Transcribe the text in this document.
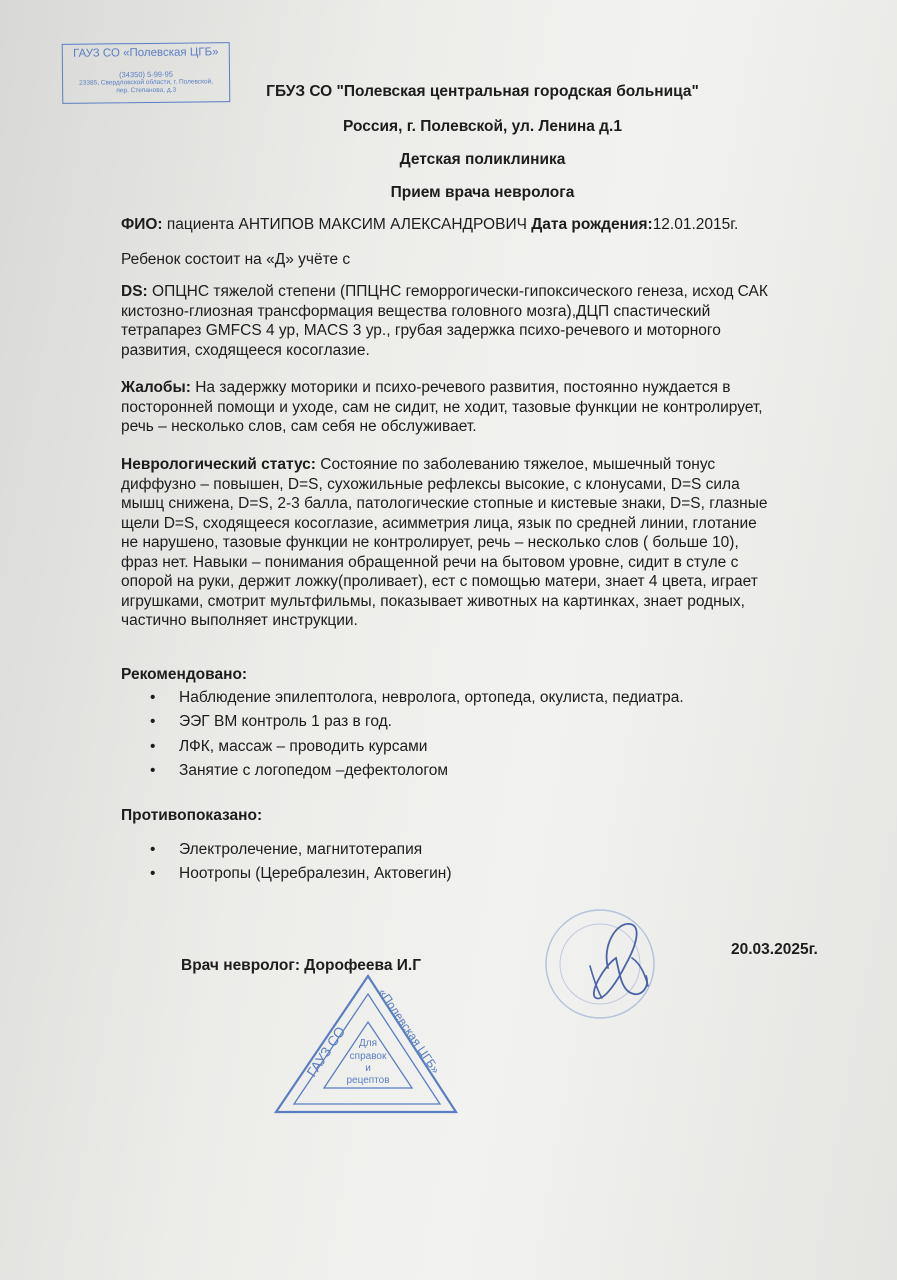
ГАУЗ СО «Полевская ЦГБ»
(34350) 5-99-95
23385, Свердловской области, г. Полевской,
пер. Степанова, д.3	ГБУЗ СО "Полевская центральная городская больница"
Россия, г. Полевской, ул. Ленина д.1
Детская поликлиника
Прием врача невролога
ФИО: пациента АНТИПОВ МАКСИМ АЛЕКСАНДРОВИЧ Дата рождения:12.01.2015г.
Ребенок состоит на «Д» учёте с
DS: ОПЦНС тяжелой степени (ППЦНС геморрогически-гипоксического генеза, исход САК
кистозно-глиозная трансформация вещества головного мозга),ДЦП спастический
тетрапарез GMFCS 4 ур, MACS 3 ур., грубая задержка психо-речевого и моторного
развития, сходящееся косоглазие.
Жалобы: На задержку моторики и психо-речевого развития, постоянно нуждается в
посторонней помощи и уходе, сам не сидит, не ходит, тазовые функции не контролирует,
речь – несколько слов, сам себя не обслуживает.
Неврологический статус: Состояние по заболеванию тяжелое, мышечный тонус
диффузно – повышен, D=S, сухожильные рефлексы высокие, с клонусами, D=S сила
мышц снижена, D=S, 2-3 балла, патологические стопные и кистевые знаки, D=S, глазные
щели D=S, сходящееся косоглазие, асимметрия лица, язык по средней линии, глотание
не нарушено, тазовые функции не контролирует, речь – несколько слов ( больше 10),
фраз нет. Навыки – понимания обращенной речи на бытовом уровне, сидит в стуле с
опорой на руки, держит ложку(проливает), ест с помощью матери, знает 4 цвета, играет
игрушками, смотрит мультфильмы, показывает животных на картинках, знает родных,
частично выполняет инструкции.
Рекомендовано:
• Наблюдение эпилептолога, невролога, ортопеда, окулиста, педиатра.
• ЭЭГ ВМ контроль 1 раз в год.
• ЛФК, массаж – проводить курсами
• Занятие с логопедом –дефектологом
Противопоказано:
• Электролечение, магнитотерапия
• Ноотропы (Церебралезин, Актовегин)
20.03.2025г.
Врач невролог: Дорофеева И.Г
ГАУЗ СО «Полевская ЦГБ»
Для
справок
и
рецептов
